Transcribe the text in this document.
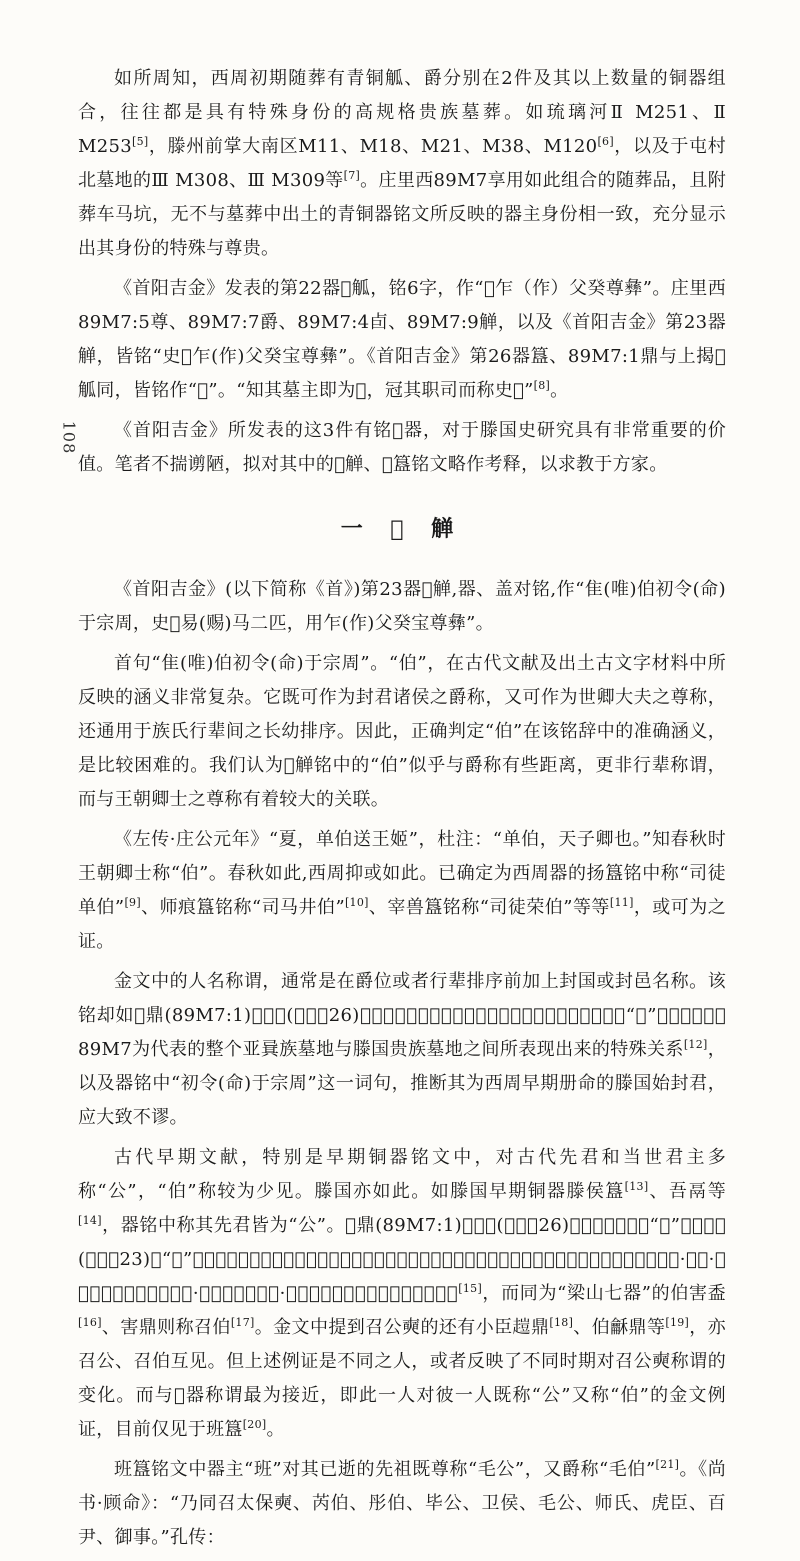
108

如所周知，西周初期随葬有青铜觚、爵分别在2件及其以上数量的铜器组合，往往都是具有特殊身份的高规格贵族墓葬。如琉璃河Ⅱ M251、Ⅱ M253[5]，滕州前掌大南区M11、M18、M21、M38、M120[6]，以及于屯村北墓地的Ⅲ M308、Ⅲ M309等[7]。庄里西89M7享用如此组合的随葬品，且附葬车马坑，无不与墓葬中出土的青铜器铭文所反映的器主身份相一致，充分显示出其身份的特殊与尊贵。

《首阳吉金》发表的第22器𤃦觚，铭6字，作“𤃦乍（作）父癸尊彝”。庄里西89M7:5尊、89M7:7爵、89M7:4卣、89M7:9觯，以及《首阳吉金》第23器觯，皆铭“史𤃦乍(作)父癸宝尊彝”。《首阳吉金》第26器簋、89M7:1鼎与上揭𤃦觚同，皆铭作“𤃦”。“知其墓主即为𤃦，冠其职司而称史𤃦”[8]。

《首阳吉金》所发表的这3件有铭𤃦器，对于滕国史研究具有非常重要的价值。笔者不揣谫陋，拟对其中的𤃦觯、𤃦簋铭文略作考释，以求教于方家。

一 𤃦 觯

《首阳吉金》(以下简称《首》)第23器𤃦觯,器、盖对铭,作“隹(唯)伯初令(命)于宗周，史𤃦易(赐)马二匹，用乍(作)父癸宝尊彝”。

首句“隹(唯)伯初令(命)于宗周”。“伯”，在古代文献及出土古文字材料中所反映的涵义非常复杂。它既可作为封君诸侯之爵称，又可作为世卿大夫之尊称，还通用于族氏行辈间之长幼排序。因此，正确判定“伯”在该铭辞中的准确涵义，是比较困难的。我们认为𤃦觯铭中的“伯”似乎与爵称有些距离，更非行辈称谓，而与王朝卿士之尊称有着较大的关联。

《左传·庄公元年》“夏，单伯送王姬”，杜注：“单伯，天子卿也。”知春秋时王朝卿士称“伯”。春秋如此,西周抑或如此。已确定为西周器的扬簋铭中称“司徒单伯”[9]、师痕簋铭称“司马井伯”[10]、宰兽簋铭称“司徒荣伯”等等[11]，或可为之证。

金文中的人名称谓，通常是在爵位或者行辈排序前加上封国或封邑名称。该铭却如𤃦鼎(89M7:1)、𤃦簋(《首》26)，省略了封邑名。𤃦觯铭中这位被省略掉封邑名称的“伯”，如果依据以89M7为代表的整个亚㠱族墓地与滕国贵族墓地之间所表现出来的特殊关系[12]，以及器铭中“初令(命)于宗周”这一词句，推断其为西周早期册命的滕国始封君，应大致不谬。

古代早期文献，特别是早期铜器铭文中，对古代先君和当世君主多称“公”，“伯”称较为少见。滕国亦如此。如滕国早期铜器滕侯簋[13]、吾鬲等[14]，器铭中称其先君皆为“公”。𤃦鼎(89M7:1)、𤃦簋(《首》26)亦称当世滕君为“公”，唯𤃦觯(《首》23)称“伯”。这种称谓一人而公、伯互见的例证，在文献和金文中，在召公奭的称谓上体现得最为显著。《诗·大雅·江汉》称奭召公，《召南·甘棠》、《大雅·崧高》则称召伯；太史友甗称召公[15]，而同为“梁山七器”的伯害盉[16]、害鼎则称召伯[17]。金文中提到召公奭的还有小臣𧽊鼎[18]、伯龢鼎等[19]，亦召公、召伯互见。但上述例证是不同之人，或者反映了不同时期对召公奭称谓的变化。而与𤃦器称谓最为接近，即此一人对彼一人既称“公”又称“伯”的金文例证，目前仅见于班簋[20]。

班簋铭文中器主“班”对其已逝的先祖既尊称“毛公”，又爵称“毛伯”[21]。《尚书·顾命》：“乃同召太保奭、芮伯、彤伯、毕公、卫侯、毛公、师氏、虎臣、百尹、御事。”孔传：
